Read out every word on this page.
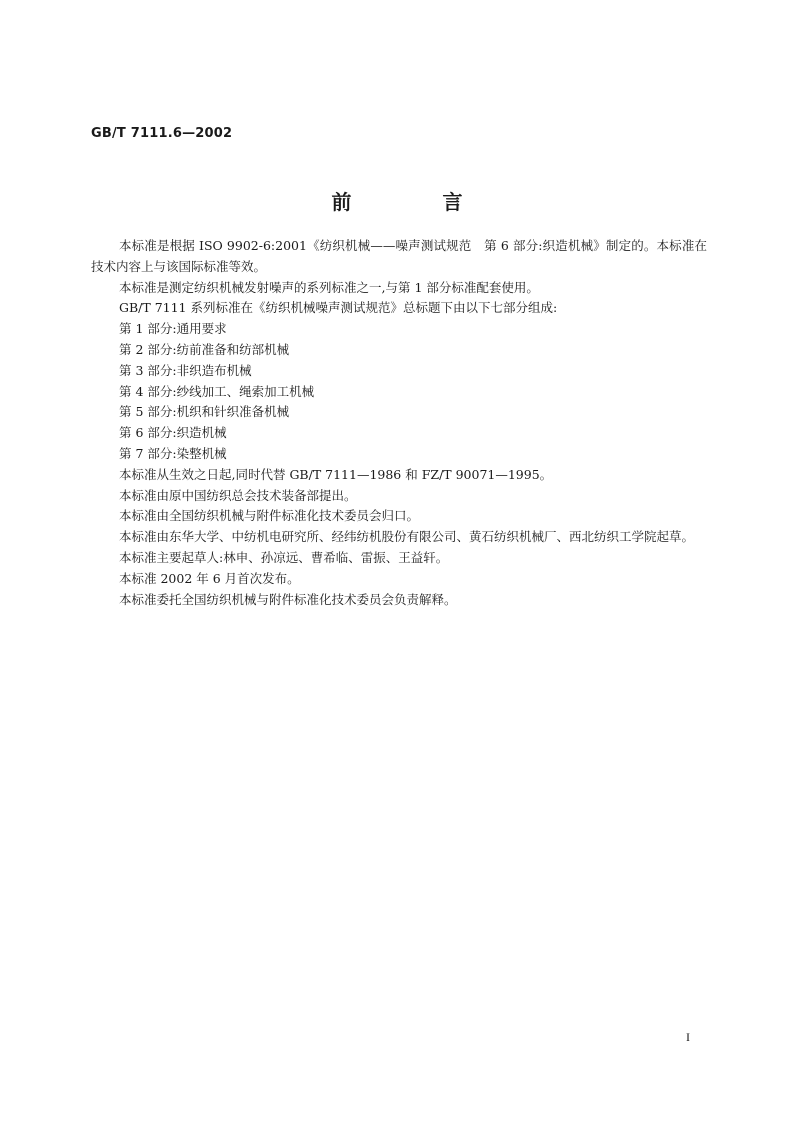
GB/T 7111.6—2002
前 言

本标准是根据 ISO 9902-6:2001《纺织机械——噪声测试规范　第 6 部分:织造机械》制定的。本标准在技术内容上与该国际标准等效。

本标准是测定纺织机械发射噪声的系列标准之一,与第 1 部分标准配套使用。

GB/T 7111 系列标准在《纺织机械噪声测试规范》总标题下由以下七部分组成:

第 1 部分:通用要求

第 2 部分:纺前准备和纺部机械

第 3 部分:非织造布机械

第 4 部分:纱线加工、绳索加工机械

第 5 部分:机织和针织准备机械

第 6 部分:织造机械

第 7 部分:染整机械

本标准从生效之日起,同时代替 GB/T 7111—1986 和 FZ/T 90071—1995。

本标准由原中国纺织总会技术装备部提出。

本标准由全国纺织机械与附件标准化技术委员会归口。

本标准由东华大学、中纺机电研究所、经纬纺机股份有限公司、黄石纺织机械厂、西北纺织工学院起草。

本标准主要起草人:林申、孙凉远、曹希临、雷振、王益轩。

本标准 2002 年 6 月首次发布。

本标准委托全国纺织机械与附件标准化技术委员会负责解释。

I
